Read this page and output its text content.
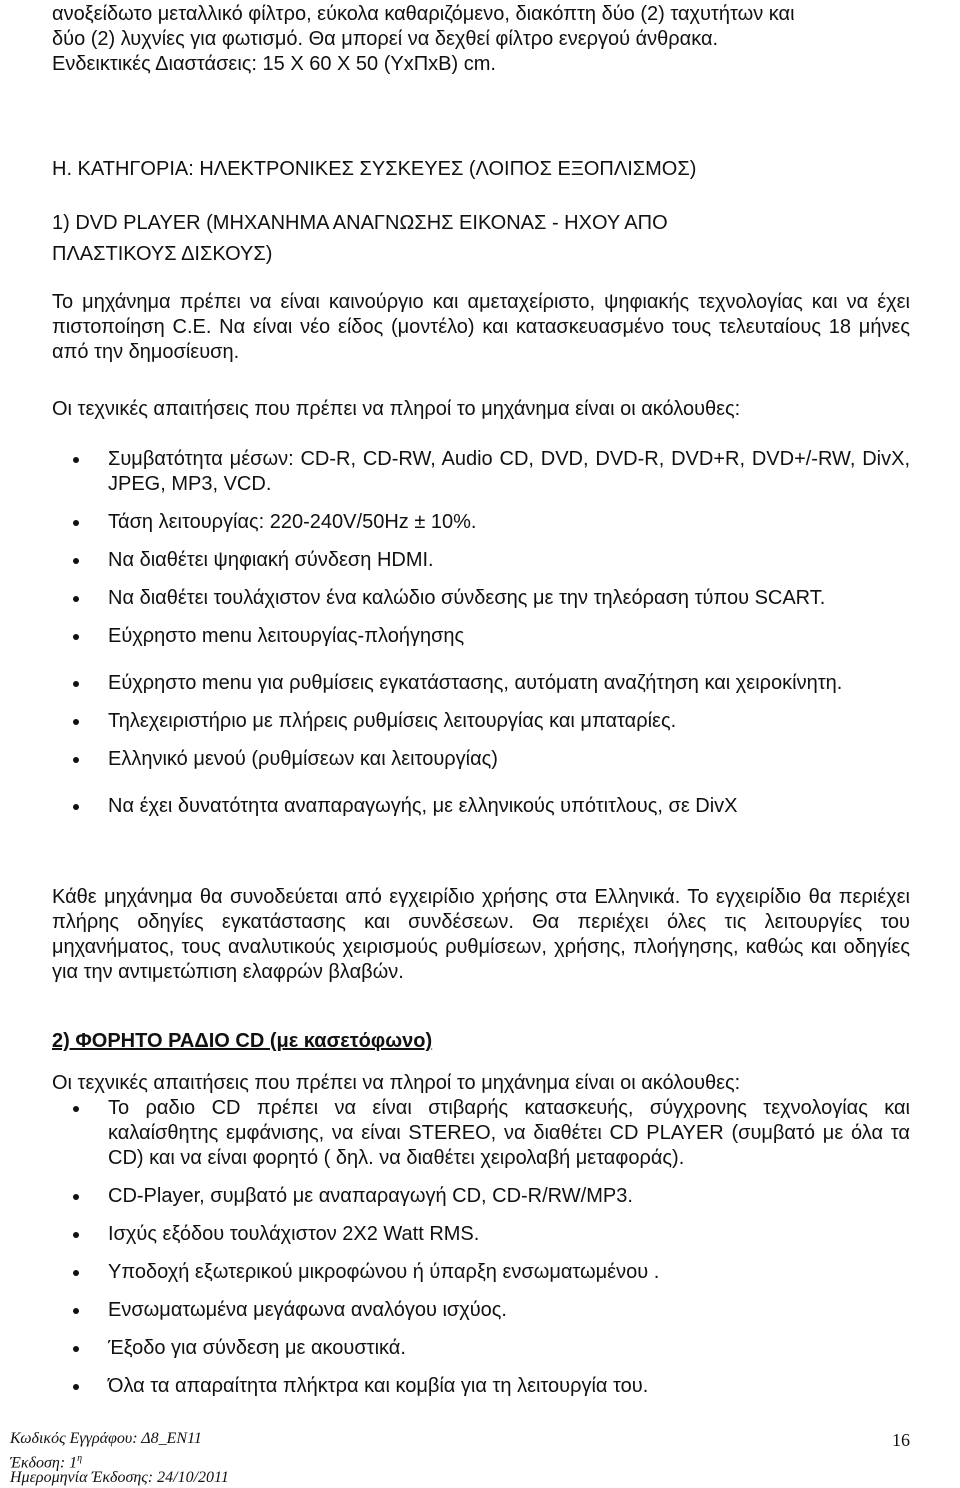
ανοξείδωτο μεταλλικό φίλτρο, εύκολα καθαριζόμενο, διακόπτη δύο (2) ταχυτήτων και
δύο (2) λυχνίες για φωτισμό. Θα μπορεί να δεχθεί φίλτρο ενεργού άνθρακα.
Ενδεικτικές Διαστάσεις: 15 Χ 60 Χ 50 (ΥxΠxΒ) cm.
Η. ΚΑΤΗΓΟΡΙΑ: ΗΛΕΚΤΡΟΝΙΚΕΣ ΣΥΣΚΕΥΕΣ (ΛΟΙΠΟΣ ΕΞΟΠΛΙΣΜΟΣ)
1) DVD PLAYER (ΜΗΧΑΝΗΜΑ ΑΝΑΓΝΩΣΗΣ ΕΙΚΟΝΑΣ - ΗΧΟΥ ΑΠΟ
ΠΛΑΣΤΙΚΟΥΣ ΔΙΣΚΟΥΣ)
Το μηχάνημα πρέπει να είναι καινούργιο και αμεταχείριστο, ψηφιακής τεχνολογίας και να έχει πιστοποίηση C.E. Να είναι νέο είδος (μοντέλο) και κατασκευασμένο τους τελευταίους 18 μήνες από την δημοσίευση.
Οι τεχνικές απαιτήσεις που πρέπει να πληροί το μηχάνημα είναι οι ακόλουθες:
Συμβατότητα μέσων: CD-R, CD-RW, Audio CD, DVD, DVD-R, DVD+R, DVD+/-RW, DivX, JPEG, MP3, VCD.
Τάση λειτουργίας: 220-240V/50Hz ± 10%.
Να διαθέτει ψηφιακή σύνδεση HDMI.
Να διαθέτει τουλάχιστον ένα καλώδιο σύνδεσης με την τηλεόραση τύπου SCART.
Εύχρηστο menu λειτουργίας-πλοήγησης
Εύχρηστο menu για ρυθμίσεις εγκατάστασης, αυτόματη αναζήτηση και χειροκίνητη.
Τηλεχειριστήριο με πλήρεις ρυθμίσεις λειτουργίας και μπαταρίες.
Ελληνικό μενού (ρυθμίσεων και λειτουργίας)
Να έχει δυνατότητα αναπαραγωγής, με ελληνικούς υπότιτλους, σε DivX
Κάθε μηχάνημα θα συνοδεύεται από εγχειρίδιο χρήσης στα Ελληνικά. Το εγχειρίδιο θα περιέχει πλήρης οδηγίες εγκατάστασης και συνδέσεων. Θα περιέχει όλες τις λειτουργίες του μηχανήματος, τους αναλυτικούς χειρισμούς ρυθμίσεων, χρήσης, πλοήγησης, καθώς και οδηγίες για την αντιμετώπιση ελαφρών βλαβών.
2) ΦΟΡΗΤΟ ΡΑΔΙΟ CD (με κασετόφωνο)
Οι τεχνικές απαιτήσεις που πρέπει να πληροί το μηχάνημα είναι οι ακόλουθες:
Το ραδιο CD πρέπει να είναι στιβαρής κατασκευής, σύγχρονης τεχνολογίας και καλαίσθητης εμφάνισης, να είναι STEREO, να διαθέτει CD PLAYER (συμβατό με όλα τα CD) και να είναι φορητό ( δηλ. να διαθέτει χειρολαβή μεταφοράς).
CD-Player, συμβατό με αναπαραγωγή CD, CD-R/RW/MP3.
Ισχύς εξόδου τουλάχιστον 2Χ2 Watt RMS.
Υποδοχή εξωτερικού μικροφώνου ή ύπαρξη ενσωματωμένου .
Ενσωματωμένα μεγάφωνα αναλόγου ισχύος.
Έξοδο για σύνδεση με ακουστικά.
Όλα τα απαραίτητα πλήκτρα και κομβία για τη λειτουργία του.
Κωδικός Εγγράφου: Δ8_ΕΝ11
Έκδοση: $1^\eta$
Ημερομηνία Έκδοσης: 24/10/2011
16
